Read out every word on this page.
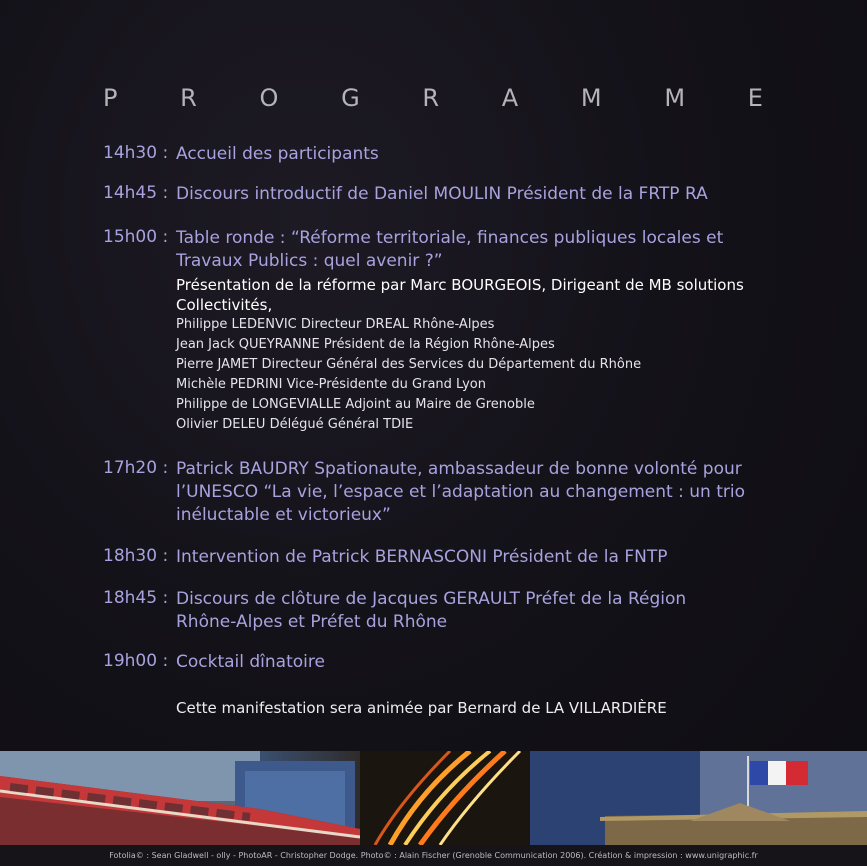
P	R	O	G	R	A	M	M	E
14h30 : Accueil des participants
14h45 : Discours introductif de Daniel MOULIN Président de la FRTP RA
15h00 : Table ronde : “Réforme territoriale, finances publiques locales et
Travaux Publics : quel avenir ?”
Présentation de la réforme par Marc BOURGEOIS, Dirigeant de MB solutions
Collectivités,
Philippe LEDENVIC Directeur DREAL Rhône-Alpes
Jean Jack QUEYRANNE Président de la Région Rhône-Alpes
Pierre JAMET Directeur Général des Services du Département du Rhône
Michèle PEDRINI Vice-Présidente du Grand Lyon
Philippe de LONGEVIALLE Adjoint au Maire de Grenoble
Olivier DELEU Délégué Général TDIE
17h20 : Patrick BAUDRY Spationaute, ambassadeur de bonne volonté pour
l’UNESCO “La vie, l’espace et l’adaptation au changement : un trio
inéluctable et victorieux”
18h30 : Intervention de Patrick BERNASCONI Président de la FNTP
18h45 : Discours de clôture de Jacques GERAULT Préfet de la Région
Rhône-Alpes et Préfet du Rhône
19h00 : Cocktail dînatoire
Cette manifestation sera animée par Bernard de LA VILLARDIÈRE
Fotolia© : Sean Gladwell - olly - PhotoAR - Christopher Dodge. Photo© : Alain Fischer (Grenoble Communication 2006). Création & impression : www.unigraphic.fr
